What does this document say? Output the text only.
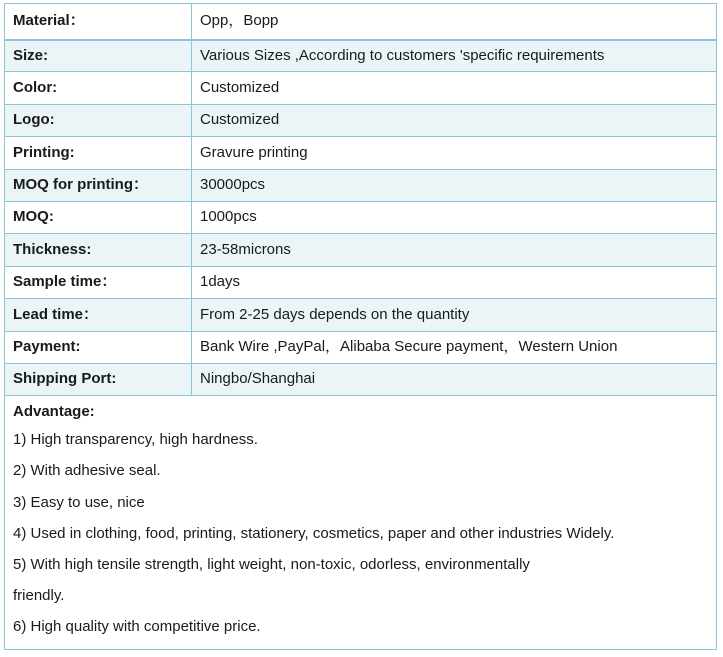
Material：	Opp，Bopp
Size:	Various Sizes ,According to customers 'specific requirements
Color:	Customized
Logo:	Customized
Printing:	Gravure printing
MOQ for printing：	30000pcs
MOQ:	1000pcs
Thickness:	23-58microns
Sample time：	1days
Lead time：	From 2-25 days depends on the quantity
Payment:	Bank Wire ,PayPal，Alibaba Secure payment，Western Union
Shipping Port:	Ningbo/Shanghai
Advantage:
1) High transparency, high hardness.
2) With adhesive seal.
3) Easy to use, nice
4) Used in clothing, food, printing, stationery, cosmetics, paper and other industries Widely.
5) With high tensile strength, light weight, non-toxic, odorless, environmentally
friendly.
6) High quality with competitive price.
